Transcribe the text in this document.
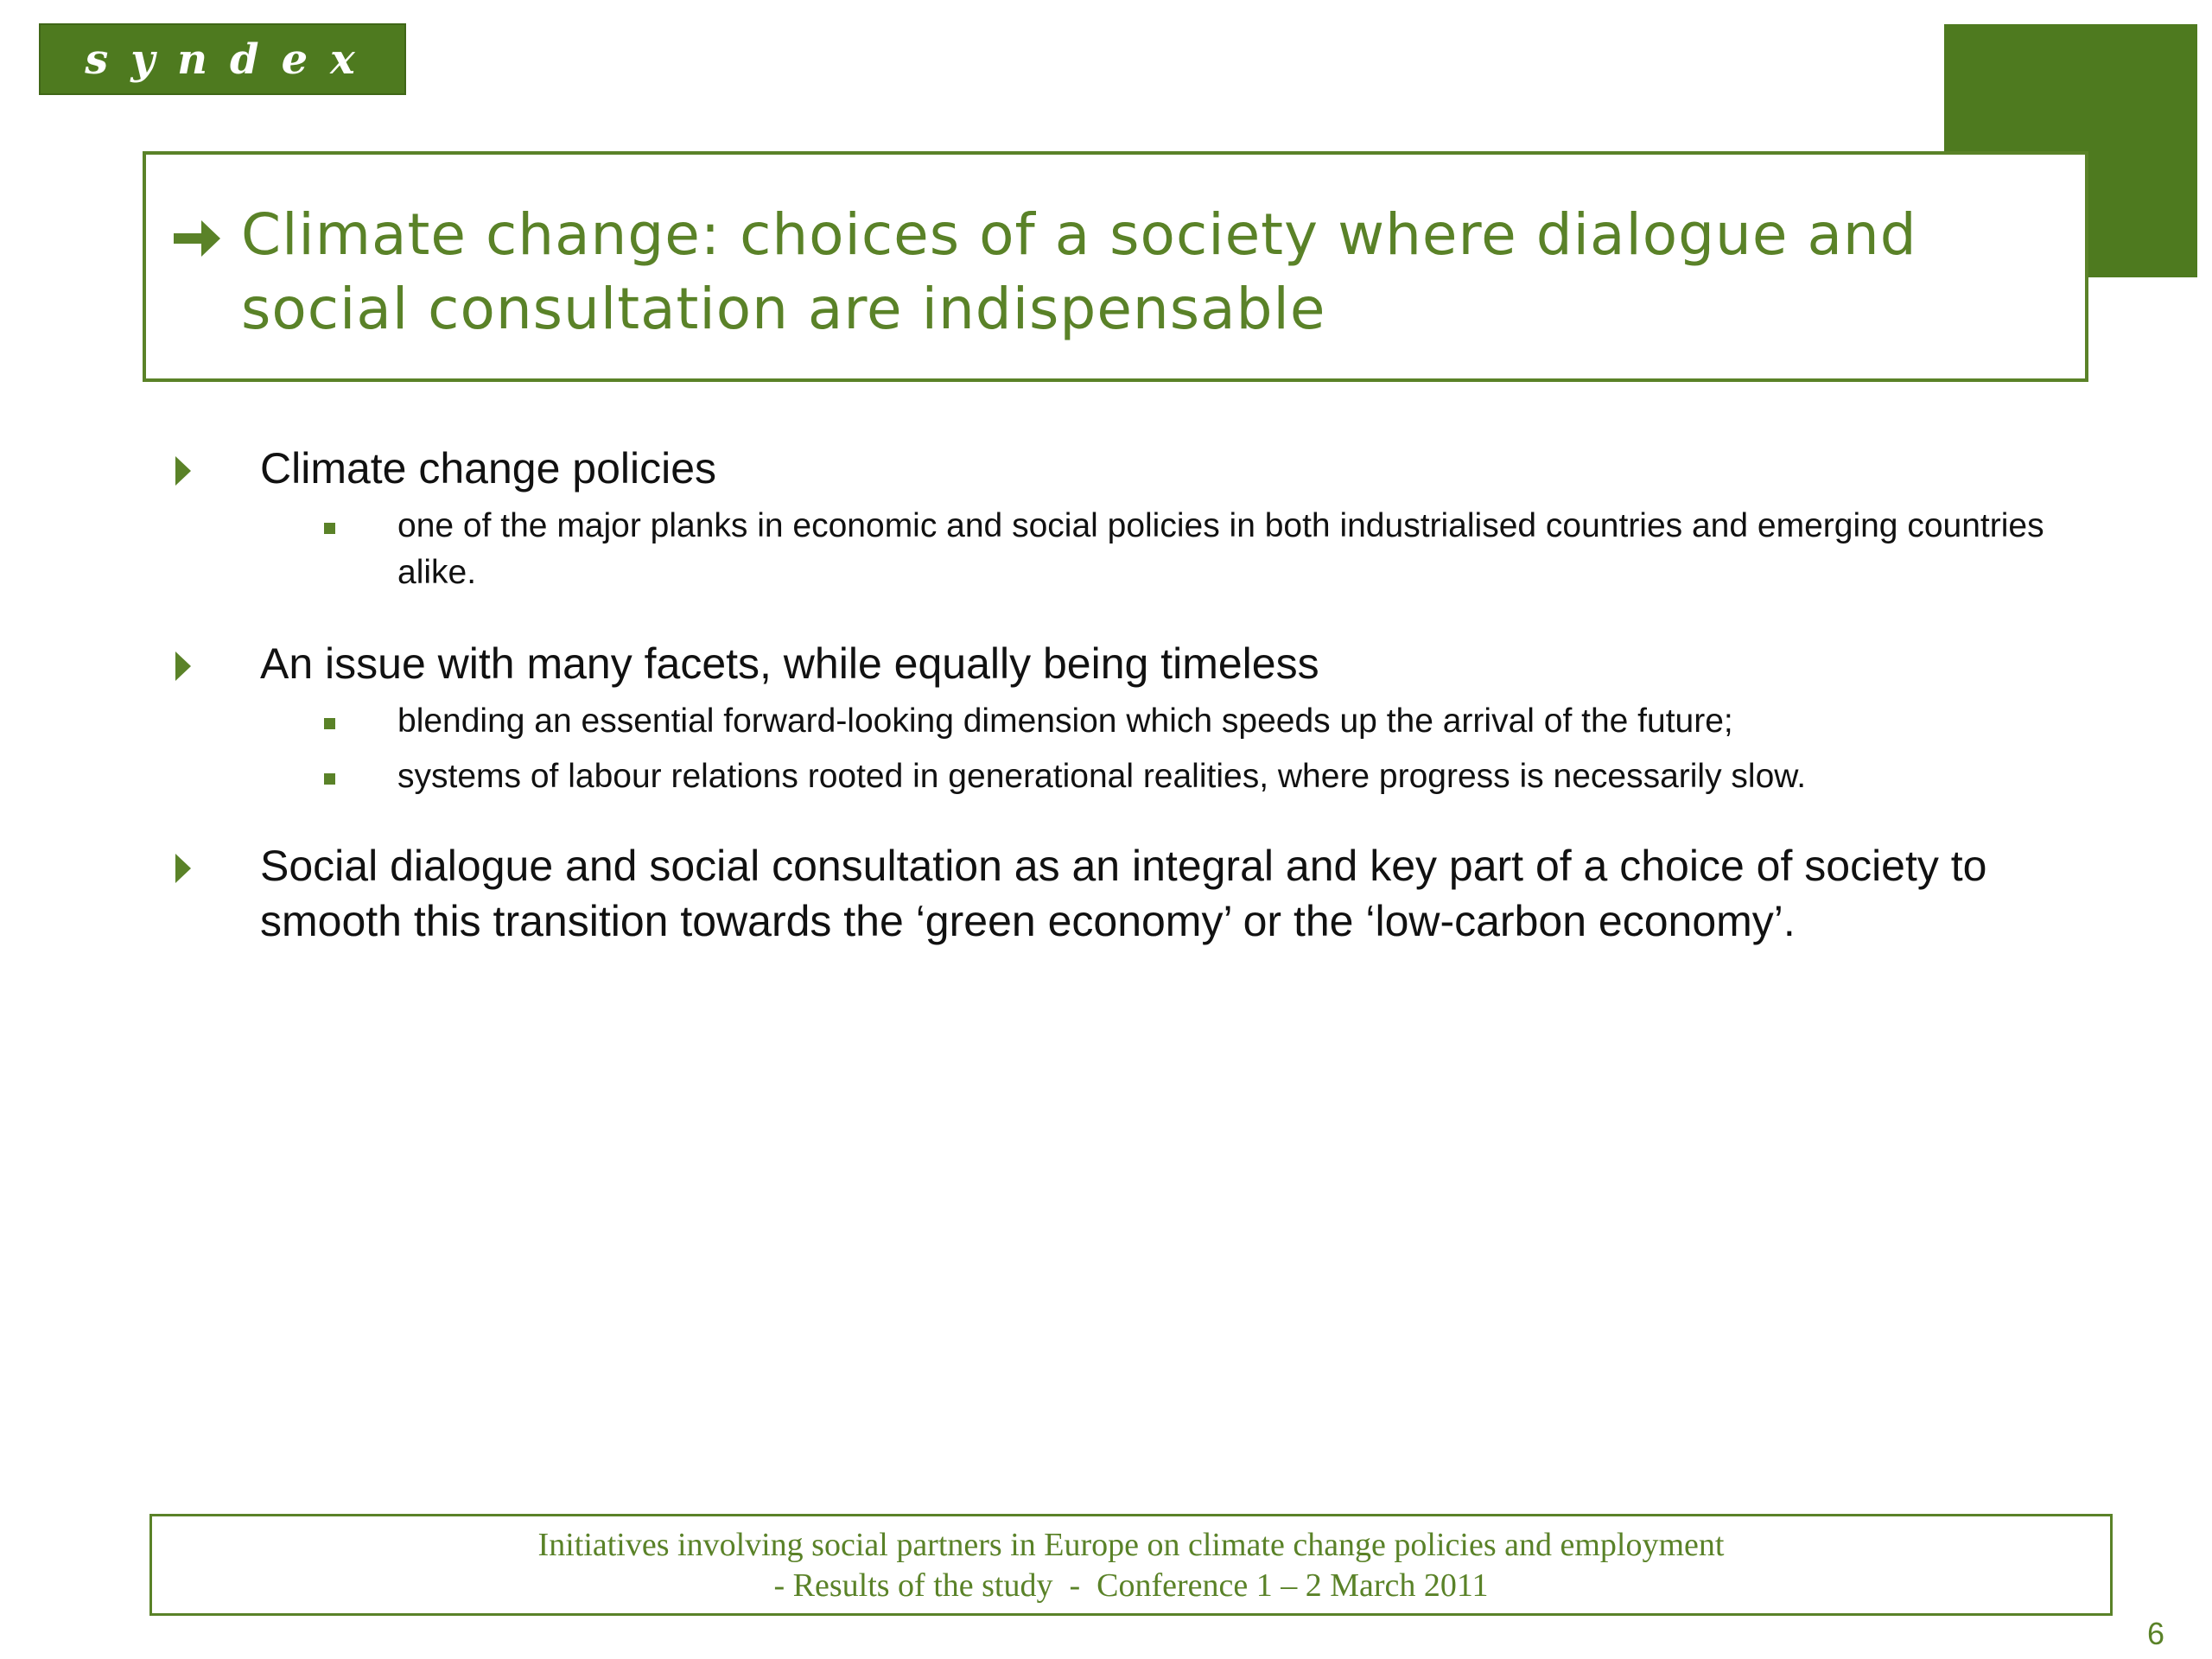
syndex
Climate change: choices of a society where dialogue and social consultation are indispensable
Climate change policies
one of the major planks in economic and social policies in both industrialised countries and emerging countries alike.
An issue with many facets, while equally being timeless
blending an essential forward-looking dimension which speeds up the arrival of the future;
systems of labour relations rooted in generational realities, where progress is necessarily slow.
Social dialogue and social consultation as an integral and key part of a choice of society to smooth this transition towards the ‘green economy’ or the ‘low-carbon economy’.
Initiatives involving social partners in Europe on climate change policies and employment
- Results of the study  -  Conference 1 – 2 March 2011
6
